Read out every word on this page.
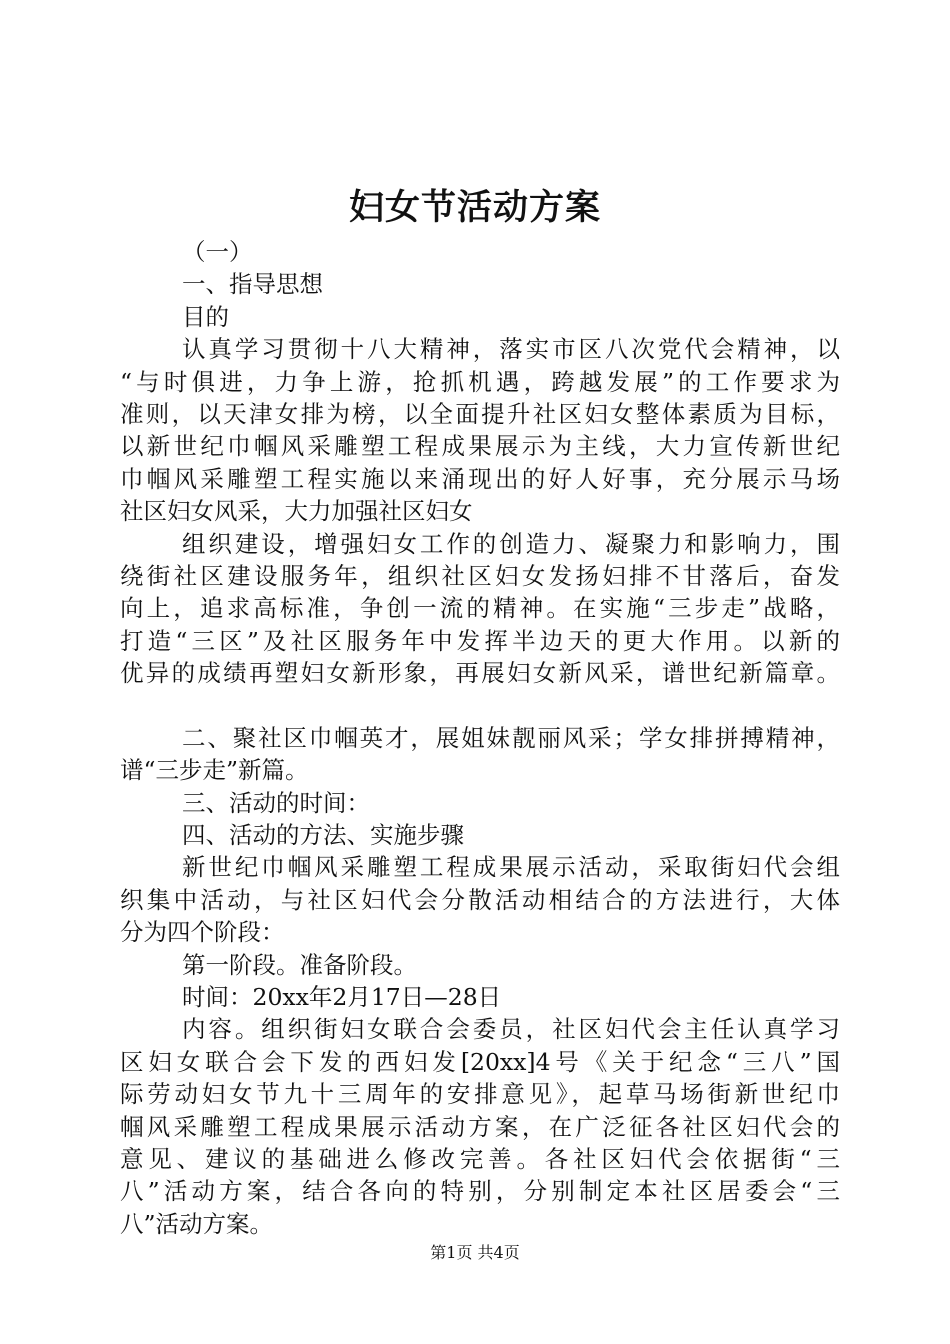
妇女节活动方案
（一）
一、指导思想
目的
认真学习贯彻十八大精神，落实市区八次党代会精神，以
“与时俱进，力争上游，抢抓机遇，跨越发展”的工作要求为
准则，以天津女排为榜，以全面提升社区妇女整体素质为目标，
以新世纪巾帼风采雕塑工程成果展示为主线，大力宣传新世纪
巾帼风采雕塑工程实施以来涌现出的好人好事，充分展示马场
社区妇女风采，大力加强社区妇女
组织建设，增强妇女工作的创造力、凝聚力和影响力，围
绕街社区建设服务年，组织社区妇女发扬妇排不甘落后，奋发
向上，追求高标准，争创一流的精神。在实施“三步走”战略，
打造“三区”及社区服务年中发挥半边天的更大作用。以新的
优异的成绩再塑妇女新形象，再展妇女新风采，谱世纪新篇章。
二、聚社区巾帼英才，展姐妹靓丽风采；学女排拼搏精神，
谱“三步走”新篇。
三、活动的时间：
四、活动的方法、实施步骤
新世纪巾帼风采雕塑工程成果展示活动，采取街妇代会组
织集中活动，与社区妇代会分散活动相结合的方法进行，大体
分为四个阶段：
第一阶段。准备阶段。
时间：20xx年2月17日—28日
内容。组织街妇女联合会委员，社区妇代会主任认真学习
区妇女联合会下发的西妇发[20xx]4号《关于纪念“三八”国
际劳动妇女节九十三周年的安排意见》，起草马场街新世纪巾
帼风采雕塑工程成果展示活动方案，在广泛征各社区妇代会的
意见、建议的基础进么修改完善。各社区妇代会依据街“三
八”活动方案，结合各向的特别，分别制定本社区居委会“三
八”活动方案。
第1页 共4页
